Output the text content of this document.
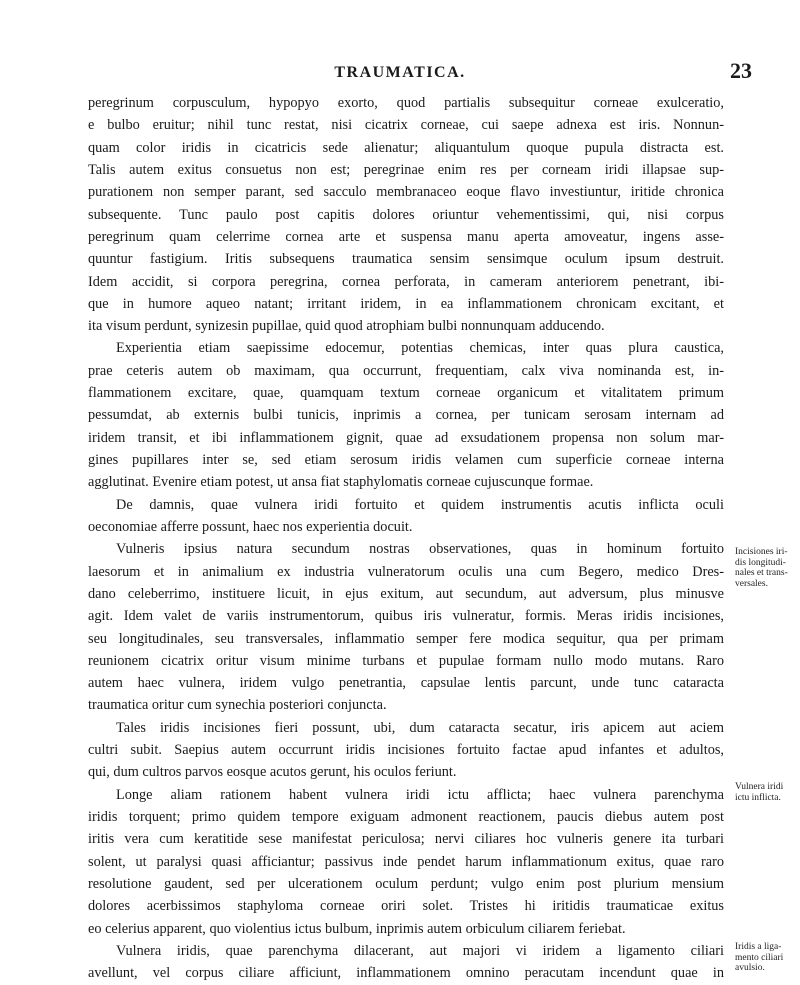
TRAUMATICA.	23
peregrinum corpusculum, hypopyo exorto, quod partialis subsequitur corneae exulceratio,
e bulbo eruitur; nihil tunc restat, nisi cicatrix corneae, cui saepe adnexa est iris. Nonnun-
quam color iridis in cicatricis sede alienatur; aliquantulum quoque pupula distracta est.
Talis autem exitus consuetus non est; peregrinae enim res per corneam iridi illapsae sup-
purationem non semper parant, sed sacculo membranaceo eoque flavo investiuntur, iritide chronica
subsequente. Tunc paulo post capitis dolores oriuntur vehementissimi, qui, nisi corpus
peregrinum quam celerrime cornea arte et suspensa manu aperta amoveatur, ingens asse-
quuntur fastigium. Iritis subsequens traumatica sensim sensimque oculum ipsum destruit.
Idem accidit, si corpora peregrina, cornea perforata, in cameram anteriorem penetrant, ibi-
que in humore aqueo natant; irritant iridem, in ea inflammationem chronicam excitant, et
ita visum perdunt, synizesin pupillae, quid quod atrophiam bulbi nonnunquam adducendo.
Experientia etiam saepissime edocemur, potentias chemicas, inter quas plura caustica,
prae ceteris autem ob maximam, qua occurrunt, frequentiam, calx viva nominanda est, in-
flammationem excitare, quae, quamquam textum corneae organicum et vitalitatem primum
pessumdat, ab externis bulbi tunicis, inprimis a cornea, per tunicam serosam internam ad
iridem transit, et ibi inflammationem gignit, quae ad exsudationem propensa non solum mar-
gines pupillares inter se, sed etiam serosum iridis velamen cum superficie corneae interna
agglutinat. Evenire etiam potest, ut ansa fiat staphylomatis corneae cujuscunque formae.
De damnis, quae vulnera iridi fortuito et quidem instrumentis acutis inflicta oculi
oeconomiae afferre possunt, haec nos experientia docuit.
Vulneris ipsius natura secundum nostras observationes, quas in hominum fortuito
laesorum et in animalium ex industria vulneratorum oculis una cum Begero, medico Dres-
dano celeberrimo, instituere licuit, in ejus exitum, aut secundum, aut adversum, plus minusve
agit. Idem valet de variis instrumentorum, quibus iris vulneratur, formis. Meras iridis incisiones,
seu longitudinales, seu transversales, inflammatio semper fere modica sequitur, qua per primam
reunionem cicatrix oritur visum minime turbans et pupulae formam nullo modo mutans. Raro
autem haec vulnera, iridem vulgo penetrantia, capsulae lentis parcunt, unde tunc cataracta
traumatica oritur cum synechia posteriori conjuncta.
Tales iridis incisiones fieri possunt, ubi, dum cataracta secatur, iris apicem aut aciem
cultri subit. Saepius autem occurrunt iridis incisiones fortuito factae apud infantes et adultos,
qui, dum cultros parvos eosque acutos gerunt, his oculos feriunt.
Longe aliam rationem habent vulnera iridi ictu afflicta; haec vulnera parenchyma
iridis torquent; primo quidem tempore exiguam admonent reactionem, paucis diebus autem post
iritis vera cum keratitide sese manifestat periculosa; nervi ciliares hoc vulneris genere ita turbari
solent, ut paralysi quasi afficiantur; passivus inde pendet harum inflammationum exitus, quae raro
resolutione gaudent, sed per ulcerationem oculum perdunt; vulgo enim post plurium mensium
dolores acerbissimos staphyloma corneae oriri solet. Tristes hi iritidis traumaticae exitus
eo celerius apparent, quo violentius ictus bulbum, inprimis autem orbiculum ciliarem feriebat.
Vulnera iridis, quae parenchyma dilacerant, aut majori vi iridem a ligamento ciliari
avellunt, vel corpus ciliare afficiunt, inflammationem omnino peracutam incendunt quae in
Incisiones iri-
dis longitudi-
nales et trans-
versales.
Vulnera iridi
ictu inflicta.
Iridis a liga-
mento ciliari
avulsio.
